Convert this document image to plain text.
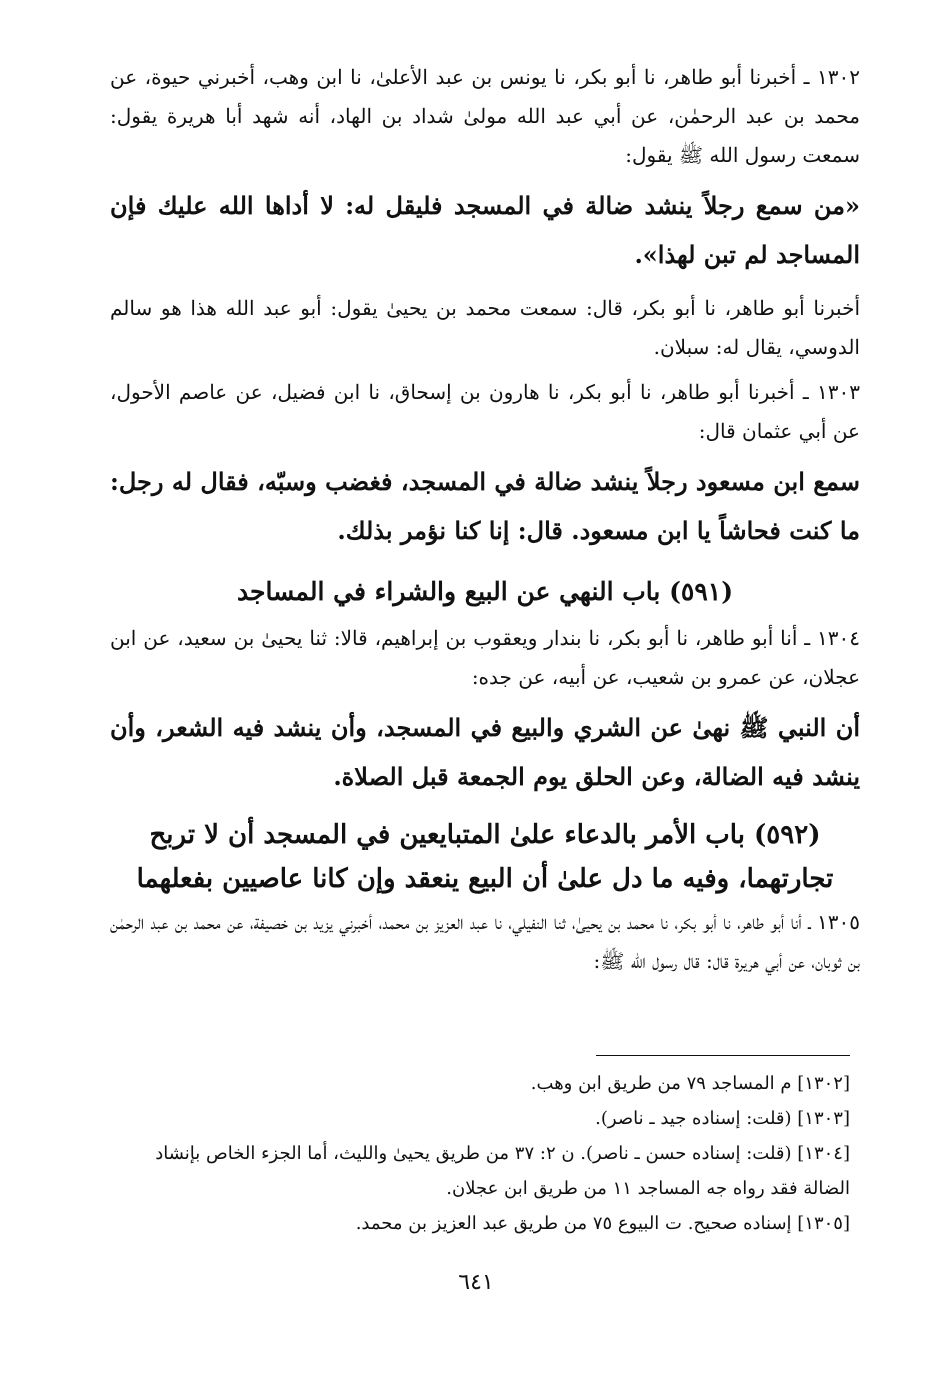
١٣٠٢ ـ أخبرنا أبو طاهر، نا أبو بكر، نا يونس بن عبد الأعلىٰ، نا ابن وهب، أخبرني حيوة، عن محمد بن عبد الرحمٰن، عن أبي عبد الله مولىٰ شداد بن الهاد، أنه شهد أبا هريرة يقول: سمعت رسول الله ﷺ يقول:

«من سمع رجلاً ينشد ضالة في المسجد فليقل له: لا أداها الله عليك فإن المساجد لم تبن لهذا».

أخبرنا أبو طاهر، نا أبو بكر، قال: سمعت محمد بن يحيىٰ يقول: أبو عبد الله هذا هو سالم الدوسي، يقال له: سبلان.

١٣٠٣ ـ أخبرنا أبو طاهر، نا أبو بكر، نا هارون بن إسحاق، نا ابن فضيل، عن عاصم الأحول، عن أبي عثمان قال:

سمع ابن مسعود رجلاً ينشد ضالة في المسجد، فغضب وسبّه، فقال له رجل: ما كنت فحاشاً يا ابن مسعود. قال: إنا كنا نؤمر بذلك.

(٥٩١) باب النهي عن البيع والشراء في المساجد

١٣٠٤ ـ أنا أبو طاهر، نا أبو بكر، نا بندار ويعقوب بن إبراهيم، قالا: ثنا يحيىٰ بن سعيد، عن ابن عجلان، عن عمرو بن شعيب، عن أبيه، عن جده:

أن النبي ﷺ نهىٰ عن الشري والبيع في المسجد، وأن ينشد فيه الشعر، وأن ينشد فيه الضالة، وعن الحلق يوم الجمعة قبل الصلاة.

(٥٩٢) باب الأمر بالدعاء علىٰ المتبايعين في المسجد أن لا تربح تجارتهما، وفيه ما دل علىٰ أن البيع ينعقد وإن كانا عاصيين بفعلهما

١٣٠٥ ـ أنا أبو طاهر، نا أبو بكر، نا محمد بن يحيىٰ، ثنا النفيلي، نا عبد العزيز بن محمد، أخبرني يزيد بن خصيفة، عن محمد بن عبد الرحمٰن بن ثوبان، عن أبي هريرة قال: قال رسول الله ﷺ:

[١٣٠٢] م المساجد ٧٩ من طريق ابن وهب.

[١٣٠٣] (قلت: إسناده جيد ـ ناصر).

[١٣٠٤] (قلت: إسناده حسن ـ ناصر). ن ٢: ٣٧ من طريق يحيىٰ والليث، أما الجزء الخاص بإنشاد الضالة فقد رواه جه المساجد ١١ من طريق ابن عجلان.

[١٣٠٥] إسناده صحيح. ت البيوع ٧٥ من طريق عبد العزيز بن محمد.

٦٤١
